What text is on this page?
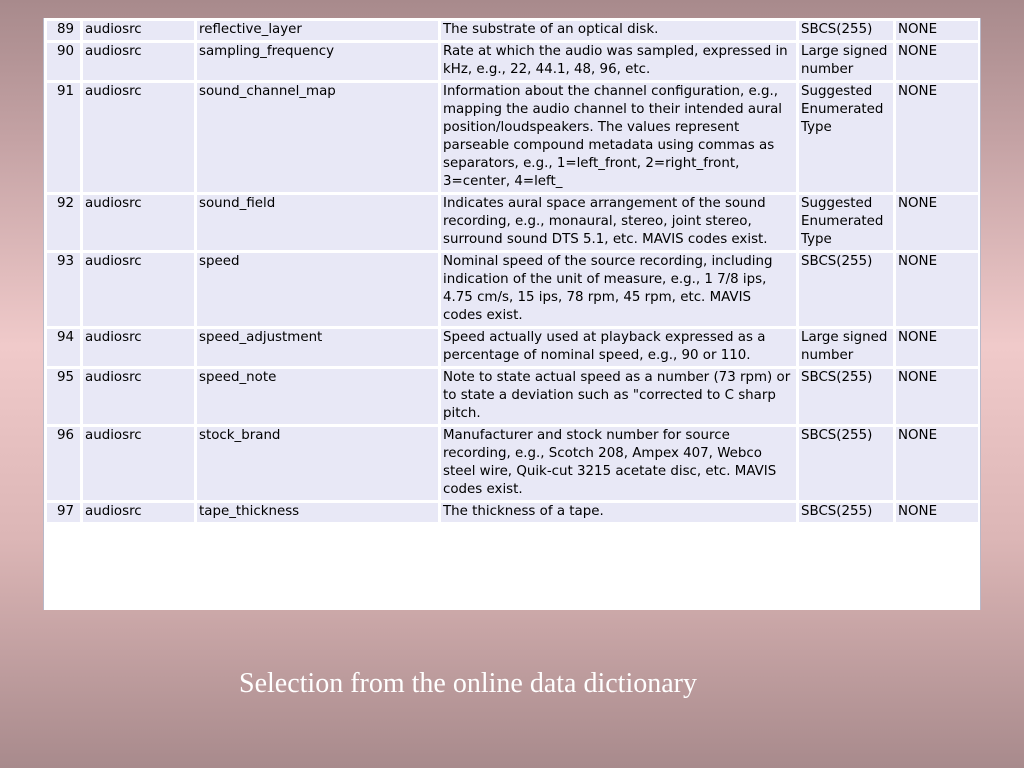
89	audiosrc	reflective_layer	The substrate of an optical disk.	SBCS(255)	NONE
90	audiosrc	sampling_frequency	Rate at which the audio was sampled, expressed in kHz, e.g., 22, 44.1, 48, 96, etc.	Large signed number	NONE
91	audiosrc	sound_channel_map	Information about the channel configuration, e.g., mapping the audio channel to their intended aural position/loudspeakers. The values represent parseable compound metadata using commas as separators, e.g., 1=left_front, 2=right_front, 3=center, 4=left_	Suggested Enumerated Type	NONE
92	audiosrc	sound_field	Indicates aural space arrangement of the sound recording, e.g., monaural, stereo, joint stereo, surround sound DTS 5.1, etc. MAVIS codes exist.	Suggested Enumerated Type	NONE
93	audiosrc	speed	Nominal speed of the source recording, including indication of the unit of measure, e.g., 1 7/8 ips, 4.75 cm/s, 15 ips, 78 rpm, 45 rpm, etc. MAVIS codes exist.	SBCS(255)	NONE
94	audiosrc	speed_adjustment	Speed actually used at playback expressed as a percentage of nominal speed, e.g., 90 or 110.	Large signed number	NONE
95	audiosrc	speed_note	Note to state actual speed as a number (73 rpm) or to state a deviation such as "corrected to C sharp pitch.	SBCS(255)	NONE
96	audiosrc	stock_brand	Manufacturer and stock number for source recording, e.g., Scotch 208, Ampex 407, Webco steel wire, Quik-cut 3215 acetate disc, etc. MAVIS codes exist.	SBCS(255)	NONE
97	audiosrc	tape_thickness	The thickness of a tape.	SBCS(255)	NONE
Selection from the online data dictionary
